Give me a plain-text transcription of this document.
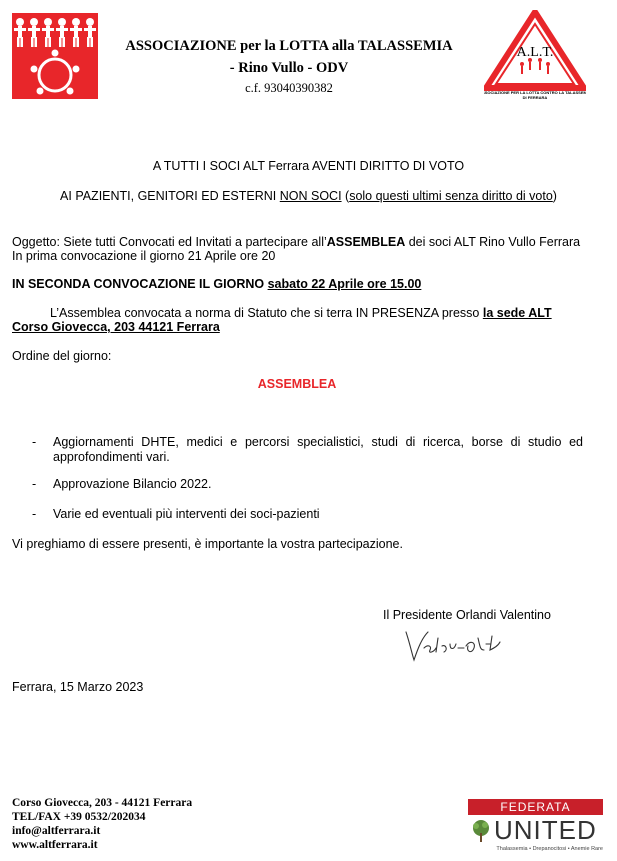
ASSOCIAZIONE per la LOTTA alla TALASSEMIA
- Rino Vullo - ODV
c.f. 93040390382
A.L.T.
ASSOCIAZIONE PER LA LOTTA CONTRO LA TALASSEMIA
DI FERRARA
A TUTTI I SOCI ALT Ferrara AVENTI DIRITTO DI VOTO
AI PAZIENTI, GENITORI ED ESTERNI NON SOCI (solo questi ultimi senza diritto di voto)
Oggetto: Siete tutti Convocati ed Invitati a partecipare all’ASSEMBLEA dei soci ALT Rino Vullo Ferrara
In prima convocazione il giorno 21 Aprile ore 20
IN SECONDA CONVOCAZIONE IL GIORNO sabato 22 Aprile ore 15.00
L’Assemblea convocata a norma di Statuto che si terra IN PRESENZA presso la sede ALT
Corso Giovecca, 203 44121 Ferrara
Ordine del giorno:
ASSEMBLEA
- Aggiornamenti DHTE, medici e percorsi specialistici, studi di ricerca, borse di studio ed
approfondimenti vari.
- Approvazione Bilancio 2022.
- Varie ed eventuali più interventi dei soci-pazienti
Vi preghiamo di essere presenti, è importante la vostra partecipazione.
Il Presidente Orlandi Valentino
Ferrara, 15 Marzo 2023
Corso Giovecca, 203 - 44121 Ferrara
TEL/FAX +39 0532/202034
info@altferrara.it
www.altferrara.it
FEDERATA
UNITED
Thalassemia • Drepanocitosi • Anemie Rare
